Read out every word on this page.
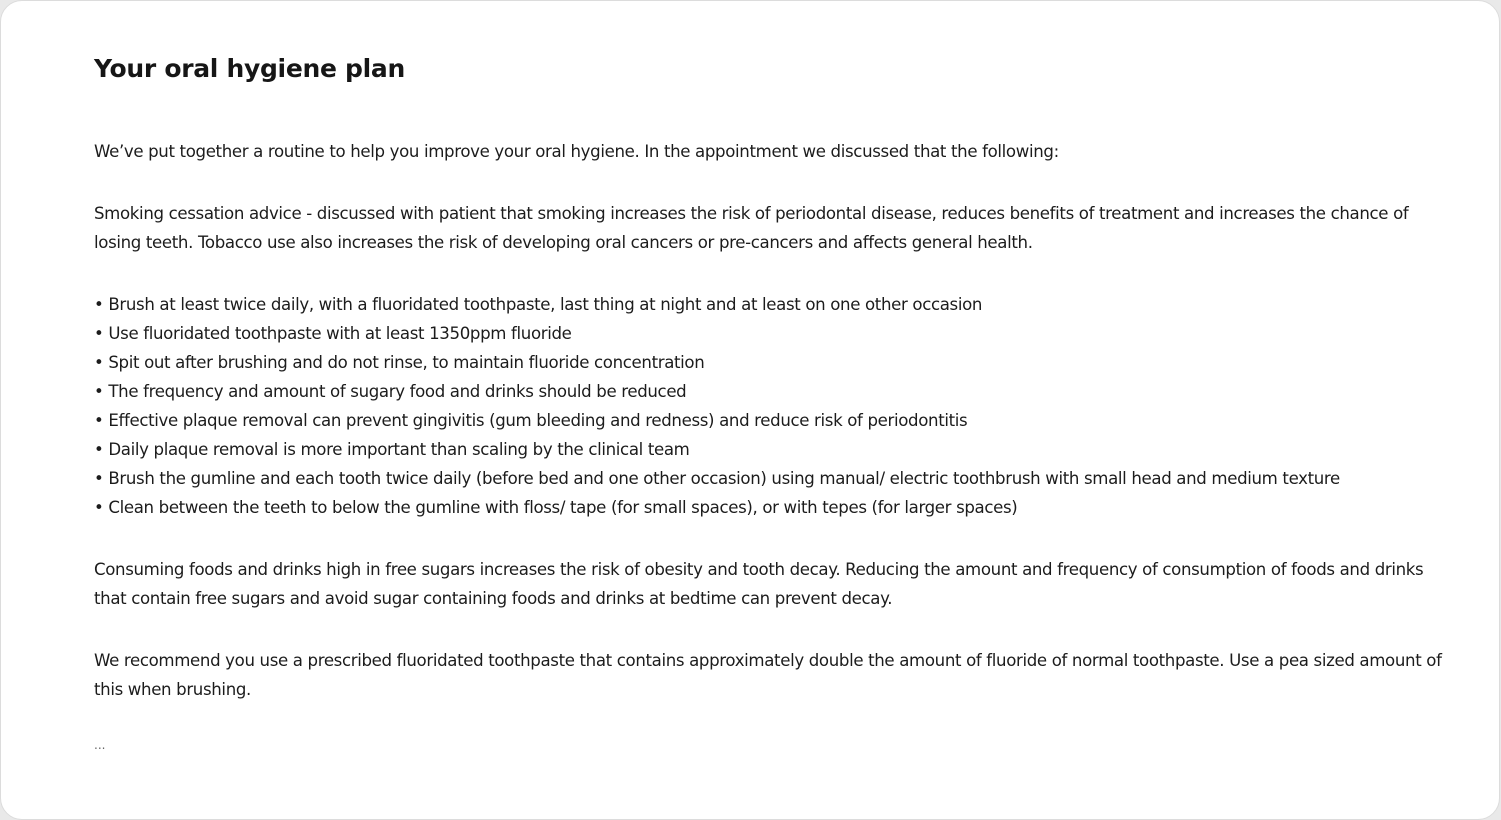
Your oral hygiene plan

We’ve put together a routine to help you improve your oral hygiene. In the appointment we discussed that the following:

Smoking cessation advice - discussed with patient that smoking increases the risk of periodontal disease, reduces benefits of treatment and increases the chance of losing teeth. Tobacco use also increases the risk of developing oral cancers or pre-cancers and affects general health.

• Brush at least twice daily, with a fluoridated toothpaste, last thing at night and at least on one other occasion
• Use fluoridated toothpaste with at least 1350ppm fluoride
• Spit out after brushing and do not rinse, to maintain fluoride concentration
• The frequency and amount of sugary food and drinks should be reduced
• Effective plaque removal can prevent gingivitis (gum bleeding and redness) and reduce risk of periodontitis
• Daily plaque removal is more important than scaling by the clinical team
• Brush the gumline and each tooth twice daily (before bed and one other occasion) using manual/ electric toothbrush with small head and medium texture
• Clean between the teeth to below the gumline with floss/ tape (for small spaces), or with tepes (for larger spaces)

Consuming foods and drinks high in free sugars increases the risk of obesity and tooth decay. Reducing the amount and frequency of consumption of foods and drinks that contain free sugars and avoid sugar containing foods and drinks at bedtime can prevent decay.

We recommend you use a prescribed fluoridated toothpaste that contains approximately double the amount of fluoride of normal toothpaste. Use a pea sized amount of this when brushing.

...
